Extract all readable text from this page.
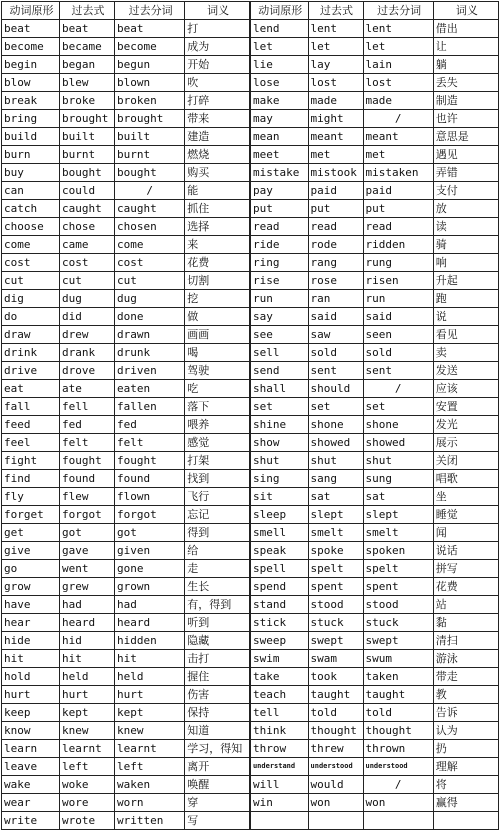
动词原形	过去式	过去分词	词义	动词原形	过去式	过去分词	词义
beat	beat	beat	打	lend	lent	lent	借出
become	became	become	成为	let	let	let	让
begin	began	begun	开始	lie	lay	lain	躺
blow	blew	blown	吹	lose	lost	lost	丢失
break	broke	broken	打碎	make	made	made	制造
bring	brought	brought	带来	may	might	/	也许
build	built	built	建造	mean	meant	meant	意思是
burn	burnt	burnt	燃烧	meet	met	met	遇见
buy	bought	bought	购买	mistake	mistook	mistaken	弄错
can	could	/	能	pay	paid	paid	支付
catch	caught	caught	抓住	put	put	put	放
choose	chose	chosen	选择	read	read	read	读
come	came	come	来	ride	rode	ridden	骑
cost	cost	cost	花费	ring	rang	rung	响
cut	cut	cut	切割	rise	rose	risen	升起
dig	dug	dug	挖	run	ran	run	跑
do	did	done	做	say	said	said	说
draw	drew	drawn	画画	see	saw	seen	看见
drink	drank	drunk	喝	sell	sold	sold	卖
drive	drove	driven	驾驶	send	sent	sent	发送
eat	ate	eaten	吃	shall	should	/	应该
fall	fell	fallen	落下	set	set	set	安置
feed	fed	fed	喂养	shine	shone	shone	发光
feel	felt	felt	感觉	show	showed	showed	展示
fight	fought	fought	打架	shut	shut	shut	关闭
find	found	found	找到	sing	sang	sung	唱歌
fly	flew	flown	飞行	sit	sat	sat	坐
forget	forgot	forgot	忘记	sleep	slept	slept	睡觉
get	got	got	得到	smell	smelt	smelt	闻
give	gave	given	给	speak	spoke	spoken	说话
go	went	gone	走	spell	spelt	spelt	拼写
grow	grew	grown	生长	spend	spent	spent	花费
have	had	had	有，得到	stand	stood	stood	站
hear	heard	heard	听到	stick	stuck	stuck	黏
hide	hid	hidden	隐藏	sweep	swept	swept	清扫
hit	hit	hit	击打	swim	swam	swum	游泳
hold	held	held	握住	take	took	taken	带走
hurt	hurt	hurt	伤害	teach	taught	taught	教
keep	kept	kept	保持	tell	told	told	告诉
know	knew	knew	知道	think	thought	thought	认为
learn	learnt	learnt	学习，得知	throw	threw	thrown	扔
leave	left	left	离开	understand	understood	understood	理解
wake	woke	waken	唤醒	will	would	/	将
wear	wore	worn	穿	win	won	won	赢得
write	wrote	written	写				
